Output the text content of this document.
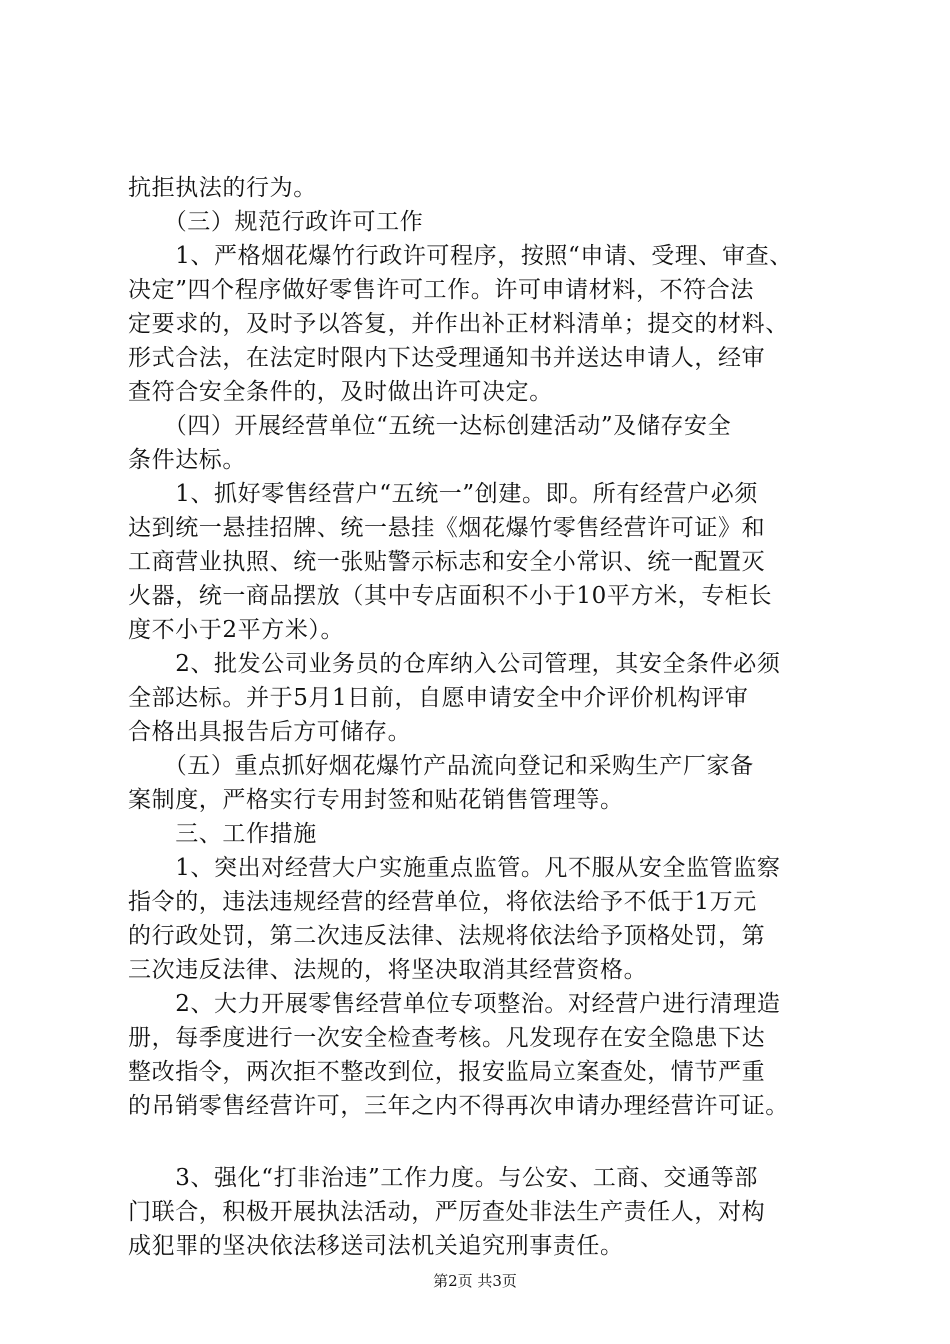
抗拒执法的行为。
　　（三）规范行政许可工作
　　1、严格烟花爆竹行政许可程序，按照“申请、受理、审查、
决定”四个程序做好零售许可工作。许可申请材料，不符合法
定要求的，及时予以答复，并作出补正材料清单；提交的材料、
形式合法，在法定时限内下达受理通知书并送达申请人，经审
查符合安全条件的，及时做出许可决定。
　　（四）开展经营单位“五统一达标创建活动”及储存安全
条件达标。
　　1、抓好零售经营户“五统一”创建。即。所有经营户必须
达到统一悬挂招牌、统一悬挂《烟花爆竹零售经营许可证》和
工商营业执照、统一张贴警示标志和安全小常识、统一配置灭
火器，统一商品摆放（其中专店面积不小于10平方米，专柜长
度不小于2平方米）。
　　2、批发公司业务员的仓库纳入公司管理，其安全条件必须
全部达标。并于5月1日前，自愿申请安全中介评价机构评审
合格出具报告后方可储存。
　　（五）重点抓好烟花爆竹产品流向登记和采购生产厂家备
案制度，严格实行专用封签和贴花销售管理等。
　　三、工作措施
　　1、突出对经营大户实施重点监管。凡不服从安全监管监察
指令的，违法违规经营的经营单位，将依法给予不低于1万元
的行政处罚，第二次违反法律、法规将依法给予顶格处罚，第
三次违反法律、法规的，将坚决取消其经营资格。
　　2、大力开展零售经营单位专项整治。对经营户进行清理造
册，每季度进行一次安全检查考核。凡发现存在安全隐患下达
整改指令，两次拒不整改到位，报安监局立案查处，情节严重
的吊销零售经营许可，三年之内不得再次申请办理经营许可证。
　　3、强化“打非治违”工作力度。与公安、工商、交通等部
门联合，积极开展执法活动，严厉查处非法生产责任人，对构
成犯罪的坚决依法移送司法机关追究刑事责任。
第2页 共3页
